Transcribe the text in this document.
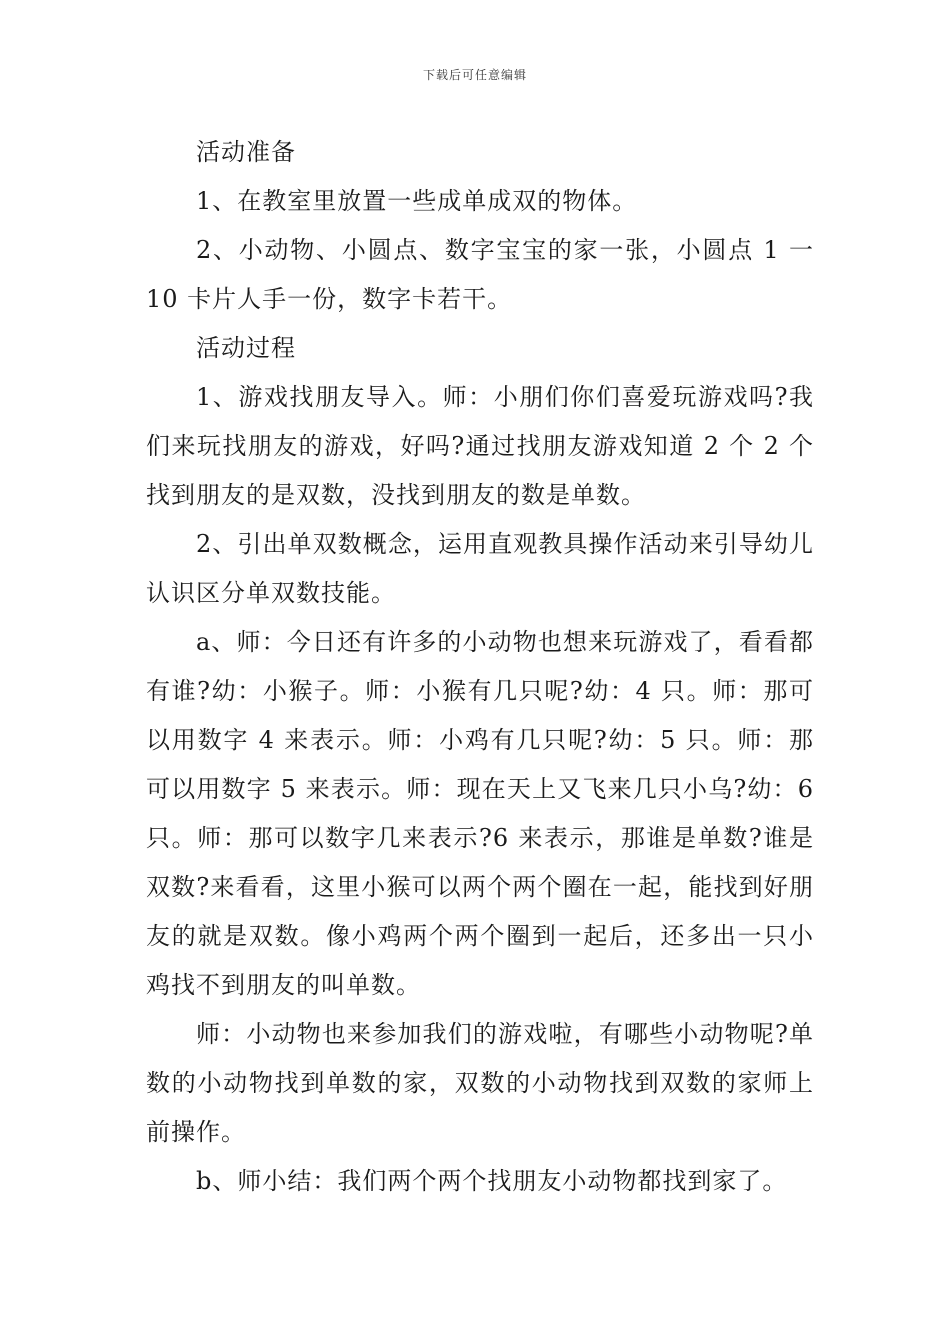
下载后可任意编辑

活动准备

1、在教室里放置一些成单成双的物体。

2、小动物、小圆点、数字宝宝的家一张，小圆点 1 一 10 卡片人手一份，数字卡若干。

活动过程

1、游戏找朋友导入。师：小朋们你们喜爱玩游戏吗?我们来玩找朋友的游戏，好吗?通过找朋友游戏知道 2 个 2 个找到朋友的是双数，没找到朋友的数是单数。

2、引出单双数概念，运用直观教具操作活动来引导幼儿认识区分单双数技能。

a、师：今日还有许多的小动物也想来玩游戏了，看看都有谁?幼：小猴子。师：小猴有几只呢?幼：4 只。师：那可以用数字 4 来表示。师：小鸡有几只呢?幼：5 只。师：那可以用数字 5 来表示。师：现在天上又飞来几只小乌?幼：6 只。师：那可以数字几来表示?6 来表示，那谁是单数?谁是双数?来看看，这里小猴可以两个两个圈在一起，能找到好朋友的就是双数。像小鸡两个两个圈到一起后，还多出一只小鸡找不到朋友的叫单数。

师：小动物也来参加我们的游戏啦，有哪些小动物呢?单数的小动物找到单数的家，双数的小动物找到双数的家师上前操作。

b、师小结：我们两个两个找朋友小动物都找到家了。
